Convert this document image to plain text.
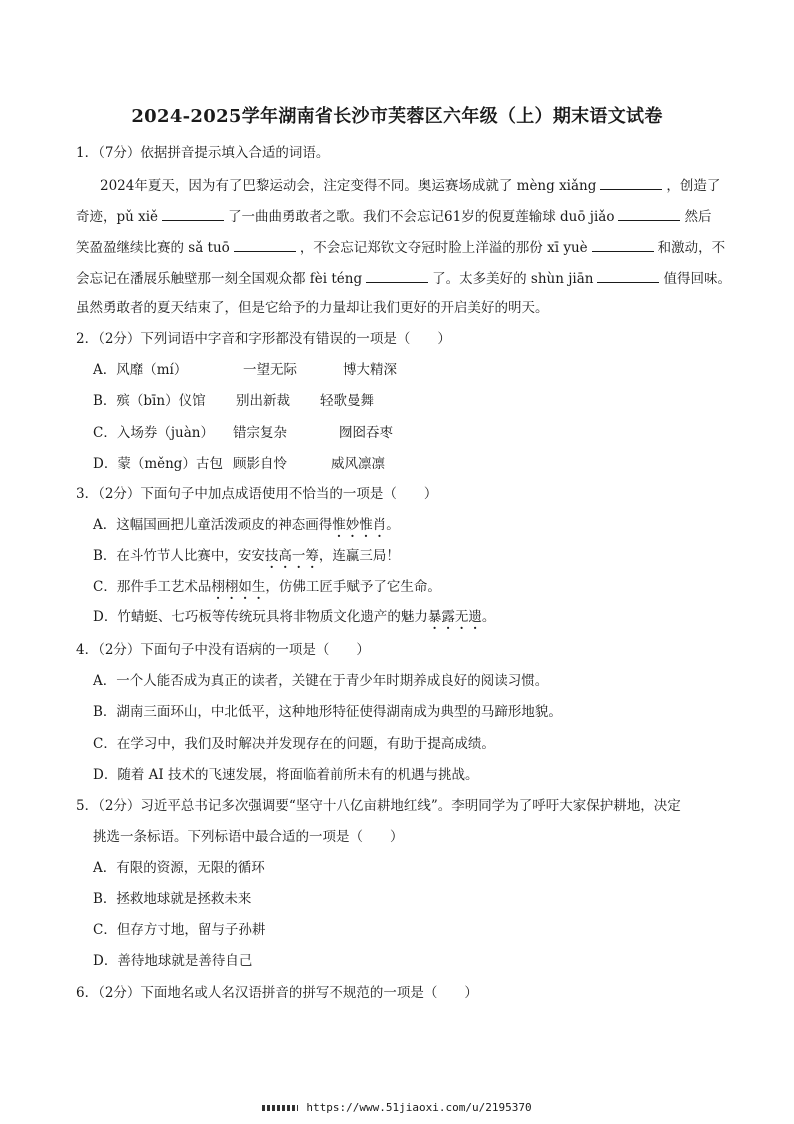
2024-2025学年湖南省长沙市芙蓉区六年级（上）期末语文试卷
1．（7分）依据拼音提示填入合适的词语。
2024年夏天，因为有了巴黎运动会，注定变得不同。奥运赛场成就了 mèng xiǎng	，创造了
奇迹，pǔ xiě	了一曲曲勇敢者之歌。我们不会忘记61岁的倪夏莲输球 duō jiǎo	然后
笑盈盈继续比赛的 sǎ tuō	，不会忘记郑钦文夺冠时脸上洋溢的那份 xī yuè	和激动，不
会忘记在潘展乐触壁那一刻全国观众都 fèi téng	了。太多美好的 shùn jiān	值得回味。
虽然勇敢者的夏天结束了，但是它给予的力量却让我们更好的开启美好的明天。
2．（2分）下列词语中字音和字形都没有错误的一项是（　　）
A．风靡（mí）	一望无际	博大精深
B．殡（bīn）仪馆 别出新裁 轻歌曼舞
C．入场券（juàn） 错宗复杂	囫囵吞枣
D．蒙（měng）古包 顾影自怜	威风凛凛
3．（2分）下面句子中加点成语使用不恰当的一项是（　　）
A．这幅国画把儿童活泼顽皮的神态画得惟妙惟肖。
B．在斗竹节人比赛中，安安技高一筹，连赢三局！
C．那件手工艺术品栩栩如生，仿佛工匠手赋予了它生命。
D．竹蜻蜓、七巧板等传统玩具将非物质文化遗产的魅力暴露无遗。
4．（2分）下面句子中没有语病的一项是（　　）
A．一个人能否成为真正的读者，关键在于青少年时期养成良好的阅读习惯。
B．湖南三面环山，中北低平，这种地形特征使得湖南成为典型的马蹄形地貌。
C．在学习中，我们及时解决并发现存在的问题，有助于提高成绩。
D．随着 AI 技术的飞速发展，将面临着前所未有的机遇与挑战。
5．（2分）习近平总书记多次强调要“坚守十八亿亩耕地红线”。李明同学为了呼吁大家保护耕地，决定
挑选一条标语。下列标语中最合适的一项是（　　）
A．有限的资源，无限的循环
B．拯救地球就是拯救未来
C．但存方寸地，留与子孙耕
D．善待地球就是善待自己
6．（2分）下面地名或人名汉语拼音的拼写不规范的一项是（　　）
https://www.51jiaoxi.com/u/2195370
